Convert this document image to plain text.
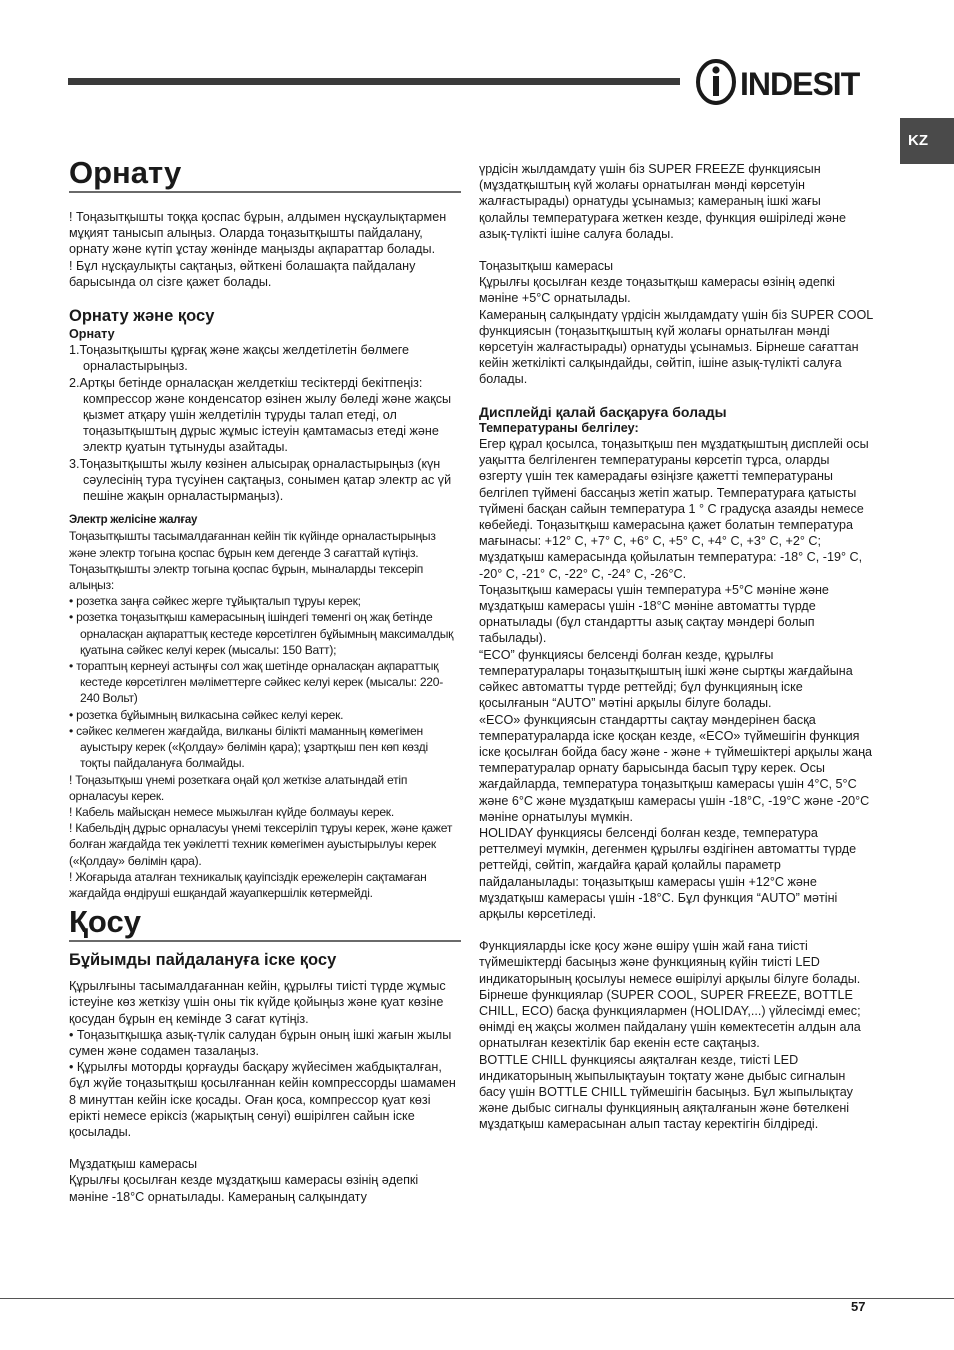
INDESIT
KZ
Орнату

! Тоңазытқышты тоққа қоспас бұрын, алдымен нұсқаулықтармен мұқият танысып алыңыз. Оларда тоңазытқышты пайдалану, орнату және күтіп ұстау жөнінде маңызды ақпараттар болады.

! Бұл нұсқаулықты сақтаңыз, өйткені болашақта пайдалану барысында ол сізге қажет болады.

Орнату және қосу
Орнату

1.Тоңазытқышты құрғақ және жақсы желдетілетін бөлмеге орналастырыңыз.

2.Артқы бетінде орналасқан желдеткіш тесіктерді бекітпеңіз: компрессор және конденсатор өзінен жылу бөледі және жақсы қызмет атқару үшін желдетілін тұруды талап етеді, ол тоңазытқыштың дұрыс жұмыс істеуін қамтамасыз етеді және электр қуатын тұтынуды азайтады.

3.Тоңазытқышты жылу көзінен алысырақ орналастырыңыз (күн сәулесінің тура түсуінен сақтаңыз, сонымен қатар электр ас үй пешіне жақын орналастырмаңыз).

Электр желісіне жалғау

Тоңазытқышты тасымалдағаннан кейін тік күйінде орналастырыңыз және электр тогына қоспас бұрын кем дегенде 3 сағаттай күтіңіз. Тоңазытқышты электр тогына қоспас бұрын, мыналарды тексеріп алыңыз:

• розетка заңға сәйкес жерге тұйықталып тұруы керек;

• розетка тоңазытқыш камерасының ішіндегі төменгі оң жақ бетінде орналасқан ақпараттық кестеде көрсетілген бұйымның максималдық қуатына сәйкес келуі керек (мысалы: 150 Ватт);

• торaптың кернеуі астыңғы сол жақ шетінде орналасқан ақпараттық кестеде көрсетілген мәліметтерге сәйкес келуі керек (мысалы: 220-240 Вольт)

• розетка бұйымның вилкасына сәйкес келуі керек.

• сәйкес келмеген жағдайда, вилканы білікті маманның көмегімен ауыстыру керек («Қолдау» бөлімін қара); ұзартқыш пен көп көзді тоқты пайдалануға болмайды.

! Тоңазытқыш үнемі розеткаға оңай қол жеткізе алатындай етіп орналасуы керек.

! Кабель майысқан немесе мыжылған күйде болмауы керек.

! Кабельдің дұрыс орналасуы үнемі тексеріліп тұруы керек, және қажет болған жағдайда тек уәкілетті техник көмегімен ауыстырылуы керек («Қолдау» бөлімін қара).

! Жоғарыда аталған техникалық қауіпсіздік ережелерін сақтамаған жағдайда өндіруші ешқандай жауапкершілік көтермейді.

Қосу
Бұйымды пайдалануға іске қосу

Құрылғыны тасымалдағаннан кейін, құрылғы тиісті түрде жұмыс істеуіне көз жеткізу үшін оны тік күйде қойыңыз және қуат көзіне қосудан бұрын ең кемінде 3 сағат күтіңіз.

• Тоңазытқышқа азық-түлік салудан бұрын оның ішкі жағын жылы сумен және содамен тазалаңыз.

• Құрылғы моторды қорғауды басқару жүйесімен жабдықталған, бұл жүйе тоңазытқыш қосылғаннан кейін компрессорды шамамен 8 минуттан кейін іске қосады. Оған қоса, компрессор қуат көзі ерікті немесе еріксіз (жарықтың сөнуі) өшірілген сайын іске қосылады.

Мұздатқыш камерасы

Құрылғы қосылған кезде мұздатқыш камерасы өзінің әдепкі мәніне -18°C орнатылады. Камераның салқындату

үрдісін жылдамдату үшін біз SUPER FREEZE функциясын (мұздатқыштың күй жолағы орнатылған мәнді көрсетуін жалғастырады) орнатуды ұсынамыз; камераның ішкі жағы қолайлы температураға жеткен кезде, функция өшіріледі және азық-түлікті ішіне салуға болады.

Тоңазытқыш камерасы

Құрылғы қосылған кезде тоңазытқыш камерасы өзінің әдепкі мәніне +5°C орнатылады.

Камераның салқындату үрдісін жылдамдату үшін біз SUPER COOL функциясын (тоңазытқыштың күй жолағы орнатылған мәнді көрсетуін жалғастырады) орнатуды ұсынамыз. Бірнеше сағаттан кейін жеткілікті салқындайды, сөйтіп, ішіне азық-түлікті салуға болады.

Дисплейді қалай басқаруға болады
Температураны белгілеу:

Егер құрал қосылса, тоңазытқыш пен мұздатқыштың дисплейі осы уақытта белгіленген температураны көрсетіп тұрса, оларды өзгерту үшін тек камерадағы өзіңізге қажетті температураны белгілеп түймені бассаңыз жетіп жатыр. Температураға қатысты түймені басқан сайын температура 1 ° С градусқа азаяды немесе көбейеді. Тоңазытқыш камерасына қажет болатын температура мағынасы: +12° С, +7° С, +6° С, +5° С, +4° С, +3° С, +2° С; мұздатқыш камерасында қойылатын температура: -18° С, -19° С, -20° С, -21° С, -22° С, -24° С, -26°С.

Тоңазытқыш камерасы үшін температура +5°C мәніне және мұздатқыш камерасы үшін -18°C мәніне автоматты түрде орнатылады (бұл стандартты азық сақтау мәндері болып табылады).

“ECO” функциясы белсенді болған кезде, құрылғы температуралары тоңазытқыштың ішкі және сыртқы жағдайына сәйкес автоматты түрде реттейді; бұл функцияның іске қосылғанын “AUTO” мәтіні арқылы білуге болады.

«ECO» функциясын стандартты сақтау мәндерінен басқа температураларда іске қосқан кезде, «ECO» түймешігін функция іске қосылған бойда басу және - және + түймешіктері арқылы жаңа температуралар орнату барысында басып тұру керек. Осы жағдайларда, температура тоңазытқыш камерасы үшін 4°C, 5°C және 6°C және мұздатқыш камерасы үшін -18°C, -19°C және -20°C мәніне орнатылуы мүмкін.

HOLIDAY функциясы белсенді болған кезде, температура реттелмеуі мүмкін, дегенмен құрылғы өздігінен автоматты түрде реттейді, сөйтіп, жағдайға қарай қолайлы параметр пайдаланылады: тоңазытқыш камерасы үшін +12°C және мұздатқыш камерасы үшін -18°C. Бұл функция “AUTO” мәтіні арқылы көрсетіледі.

Функцияларды іске қосу және өшіру үшін жай ғана тиісті түймешіктерді басыңыз және функцияның күйін тиісті LED индикаторының қосылуы немесе өшірілуі арқылы білуге болады.

Бірнеше функциялар (SUPER COOL, SUPER FREEZE, BOTTLE CHILL, ECO) басқа функциялармен (HOLIDAY,...) үйлесімді емес; өнімді ең жақсы жолмен пайдалану үшін көмектесетін алдын ала орнатылған кезектілік бар екенін есте сақтаңыз.

BOTTLE CHILL функциясы аяқталған кезде, тиісті LED индикаторының жыпылықтауын тоқтату және дыбыс сигналын басу үшін BOTTLE CHILL түймешігін басыңыз. Бұл жыпылықтау және дыбыс сигналы функцияның аяқталғанын және бөтелкені мұздатқыш камерасынан алып тастау керектігін білдіреді.

57
